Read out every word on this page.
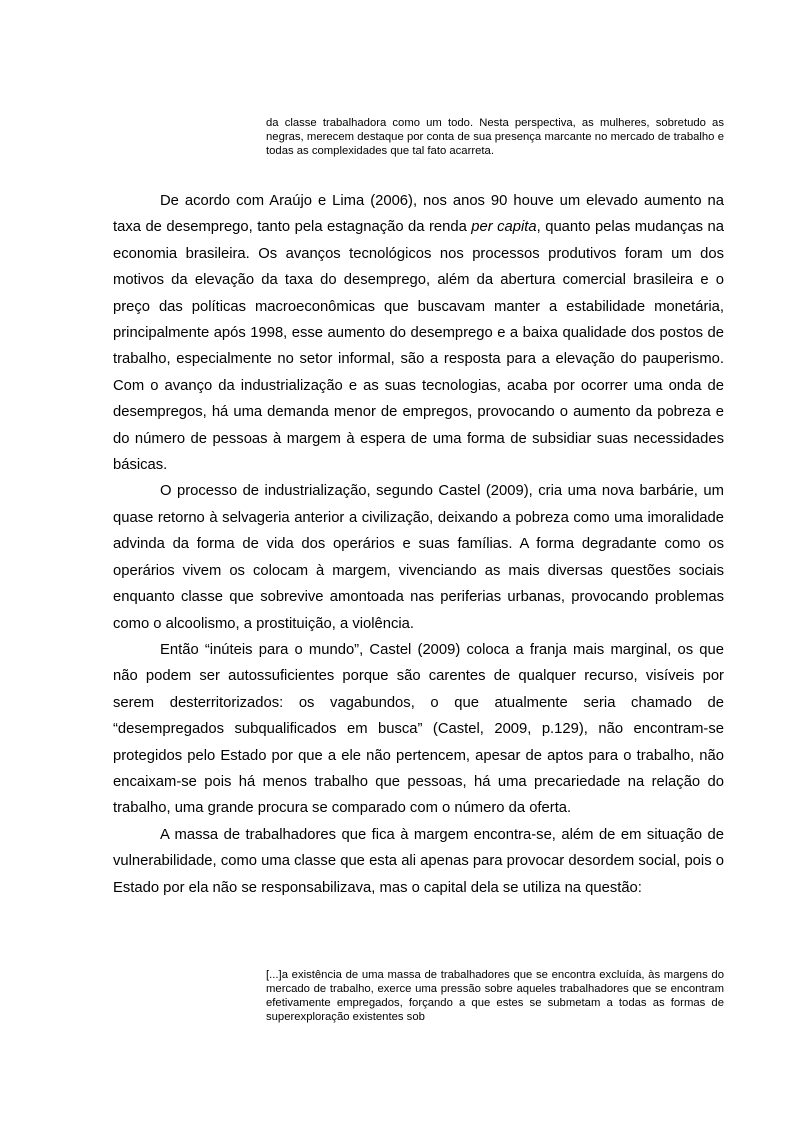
da classe trabalhadora como um todo. Nesta perspectiva, as mulheres, sobretudo as negras, merecem destaque por conta de sua presença marcante no mercado de trabalho e todas as complexidades que tal fato acarreta.

De acordo com Araújo e Lima (2006), nos anos 90 houve um elevado aumento na taxa de desemprego, tanto pela estagnação da renda per capita, quanto pelas mudanças na economia brasileira. Os avanços tecnológicos nos processos produtivos foram um dos motivos da elevação da taxa do desemprego, além da abertura comercial brasileira e o preço das políticas macroeconômicas que buscavam manter a estabilidade monetária, principalmente após 1998, esse aumento do desemprego e a baixa qualidade dos postos de trabalho, especialmente no setor informal, são a resposta para a elevação do pauperismo. Com o avanço da industrialização e as suas tecnologias, acaba por ocorrer uma onda de desempregos, há uma demanda menor de empregos, provocando o aumento da pobreza e do número de pessoas à margem à espera de uma forma de subsidiar suas necessidades básicas.

O processo de industrialização, segundo Castel (2009), cria uma nova barbárie, um quase retorno à selvageria anterior a civilização, deixando a pobreza como uma imoralidade advinda da forma de vida dos operários e suas famílias. A forma degradante como os operários vivem os colocam à margem, vivenciando as mais diversas questões sociais enquanto classe que sobrevive amontoada nas periferias urbanas, provocando problemas como o alcoolismo, a prostituição, a violência.

Então “inúteis para o mundo”, Castel (2009) coloca a franja mais marginal, os que não podem ser autossuficientes porque são carentes de qualquer recurso, visíveis por serem desterritorizados: os vagabundos, o que atualmente seria chamado de “desempregados subqualificados em busca” (Castel, 2009, p.129), não encontram-se protegidos pelo Estado por que a ele não pertencem, apesar de aptos para o trabalho, não encaixam-se pois há menos trabalho que pessoas, há uma precariedade na relação do trabalho, uma grande procura se comparado com o número da oferta.

A massa de trabalhadores que fica à margem encontra-se, além de em situação de vulnerabilidade, como uma classe que esta ali apenas para provocar desordem social, pois o Estado por ela não se responsabilizava, mas o capital dela se utiliza na questão:

[...]a existência de uma massa de trabalhadores que se encontra excluída, às margens do mercado de trabalho, exerce uma pressão sobre aqueles trabalhadores que se encontram efetivamente empregados, forçando a que estes se submetam a todas as formas de superexploração existentes sob
